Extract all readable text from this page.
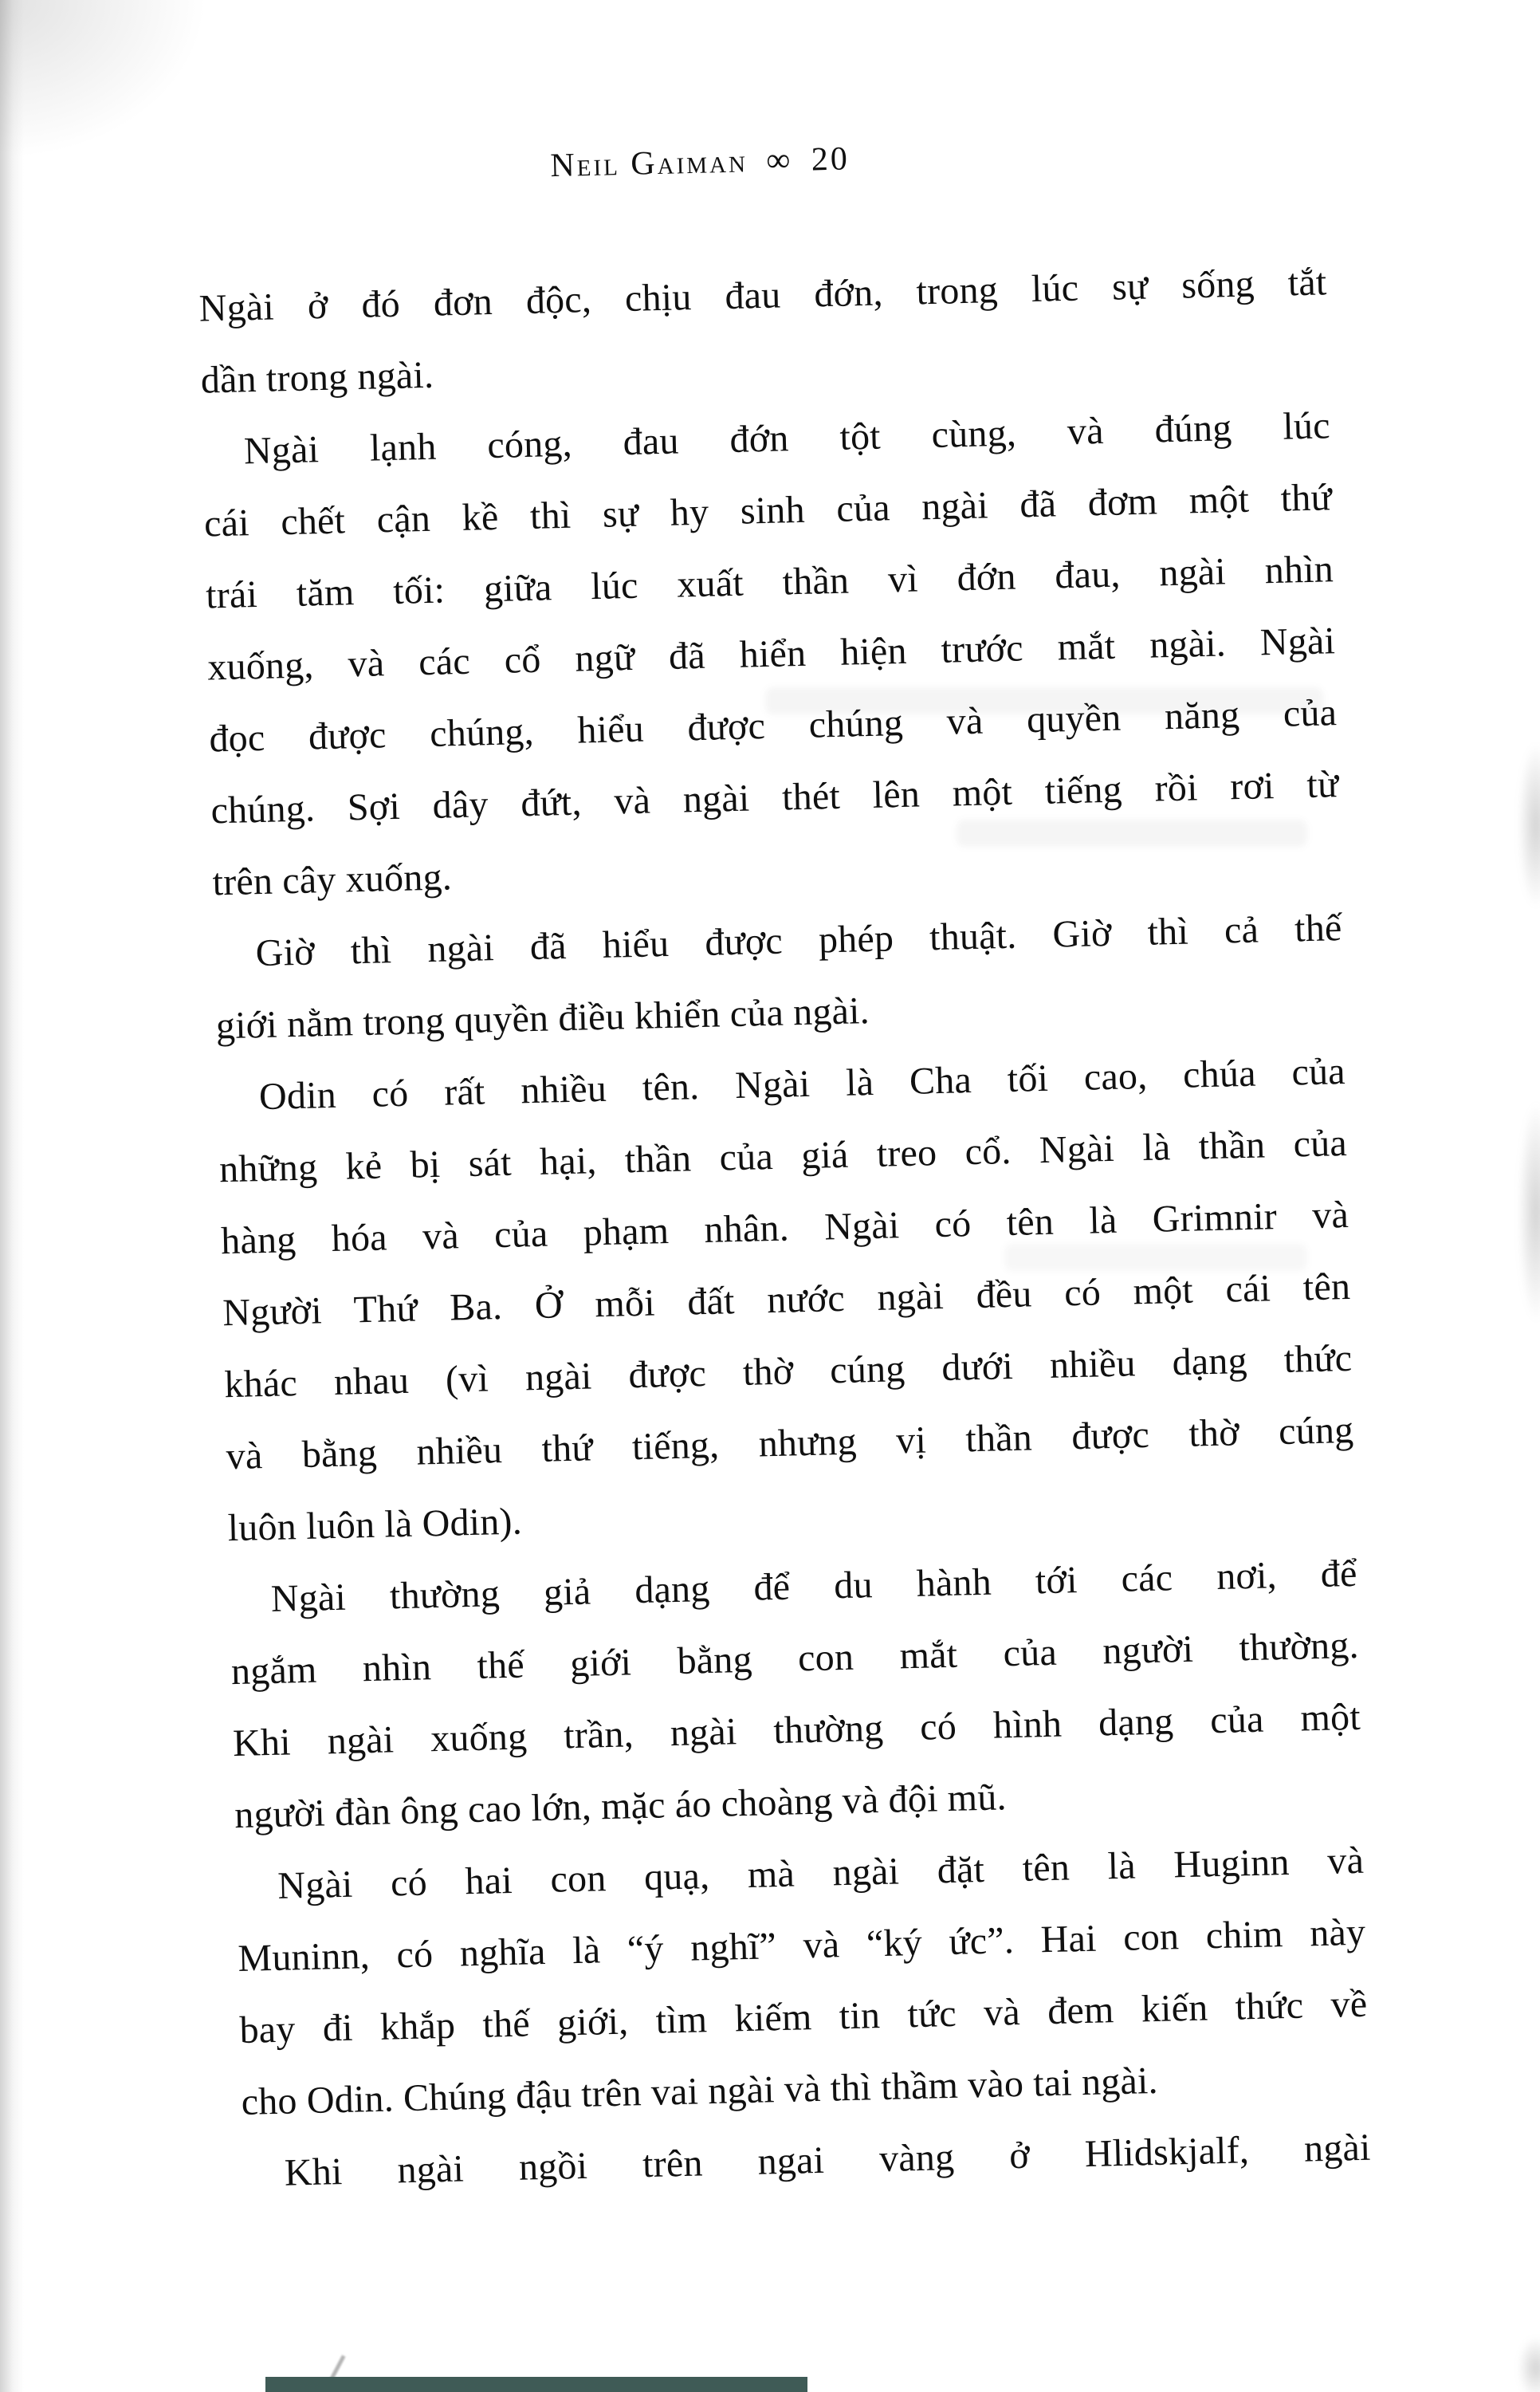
Neil Gaiman ∞ 20
Ngài ở đó đơn độc, chịu đau đớn, trong lúc sự sống tắt
dần trong ngài.
Ngài lạnh cóng, đau đớn tột cùng, và đúng lúc
cái chết cận kề thì sự hy sinh của ngài đã đơm một thứ
trái tăm tối: giữa lúc xuất thần vì đớn đau, ngài nhìn
xuống, và các cổ ngữ đã hiển hiện trước mắt ngài. Ngài
đọc được chúng, hiểu được chúng và quyền năng của
chúng. Sợi dây đứt, và ngài thét lên một tiếng rồi rơi từ
trên cây xuống.
Giờ thì ngài đã hiểu được phép thuật. Giờ thì cả thế
giới nằm trong quyền điều khiển của ngài.
Odin có rất nhiều tên. Ngài là Cha tối cao, chúa của
những kẻ bị sát hại, thần của giá treo cổ. Ngài là thần của
hàng hóa và của phạm nhân. Ngài có tên là Grimnir và
Người Thứ Ba. Ở mỗi đất nước ngài đều có một cái tên
khác nhau (vì ngài được thờ cúng dưới nhiều dạng thức
và bằng nhiều thứ tiếng, nhưng vị thần được thờ cúng
luôn luôn là Odin).
Ngài thường giả dạng để du hành tới các nơi, để
ngắm nhìn thế giới bằng con mắt của người thường.
Khi ngài xuống trần, ngài thường có hình dạng của một
người đàn ông cao lớn, mặc áo choàng và đội mũ.
Ngài có hai con quạ, mà ngài đặt tên là Huginn và
Muninn, có nghĩa là “ý nghĩ” và “ký ức”. Hai con chim này
bay đi khắp thế giới, tìm kiếm tin tức và đem kiến thức về
cho Odin. Chúng đậu trên vai ngài và thì thầm vào tai ngài.
Khi ngài ngồi trên ngai vàng ở Hlidskjalf, ngài
